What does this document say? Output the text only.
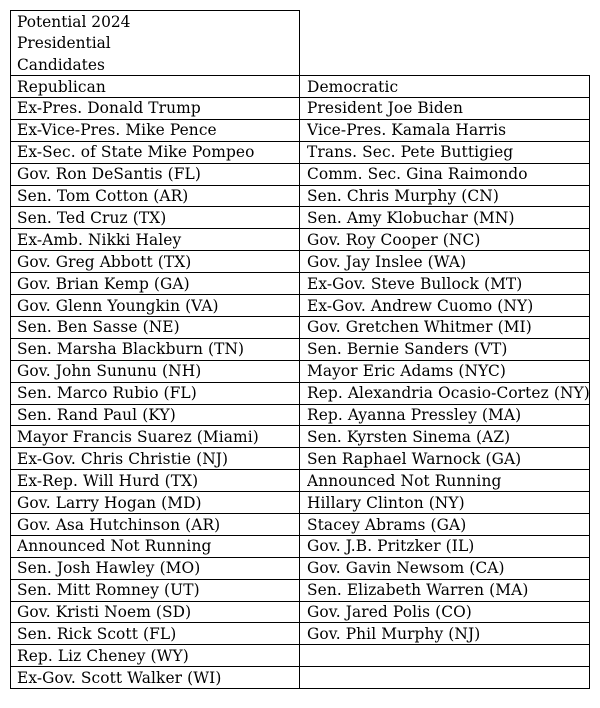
Potential 2024
Presidential
Candidates
Republican	Democratic
Ex-Pres. Donald Trump	President Joe Biden
Ex-Vice-Pres. Mike Pence	Vice-Pres. Kamala Harris
Ex-Sec. of State Mike Pompeo	Trans. Sec. Pete Buttigieg
Gov. Ron DeSantis (FL)	Comm. Sec. Gina Raimondo
Sen. Tom Cotton (AR)	Sen. Chris Murphy (CN)
Sen. Ted Cruz (TX)	Sen. Amy Klobuchar (MN)
Ex-Amb. Nikki Haley	Gov. Roy Cooper (NC)
Gov. Greg Abbott (TX)	Gov. Jay Inslee (WA)
Gov. Brian Kemp (GA)	Ex-Gov. Steve Bullock (MT)
Gov. Glenn Youngkin (VA)	Ex-Gov. Andrew Cuomo (NY)
Sen. Ben Sasse (NE)	Gov. Gretchen Whitmer (MI)
Sen. Marsha Blackburn (TN)	Sen. Bernie Sanders (VT)
Gov. John Sununu (NH)	Mayor Eric Adams (NYC)
Sen. Marco Rubio (FL)	Rep. Alexandria Ocasio-Cortez (NY)
Sen. Rand Paul (KY)	Rep. Ayanna Pressley (MA)
Mayor Francis Suarez (Miami)	Sen. Kyrsten Sinema (AZ)
Ex-Gov. Chris Christie (NJ)	Sen Raphael Warnock (GA)
Ex-Rep. Will Hurd (TX)	Announced Not Running
Gov. Larry Hogan (MD)	Hillary Clinton (NY)
Gov. Asa Hutchinson (AR)	Stacey Abrams (GA)
Announced Not Running	Gov. J.B. Pritzker (IL)
Sen. Josh Hawley (MO)	Gov. Gavin Newsom (CA)
Sen. Mitt Romney (UT)	Sen. Elizabeth Warren (MA)
Gov. Kristi Noem (SD)	Gov. Jared Polis (CO)
Sen. Rick Scott (FL)	Gov. Phil Murphy (NJ)
Rep. Liz Cheney (WY)
Ex-Gov. Scott Walker (WI)
